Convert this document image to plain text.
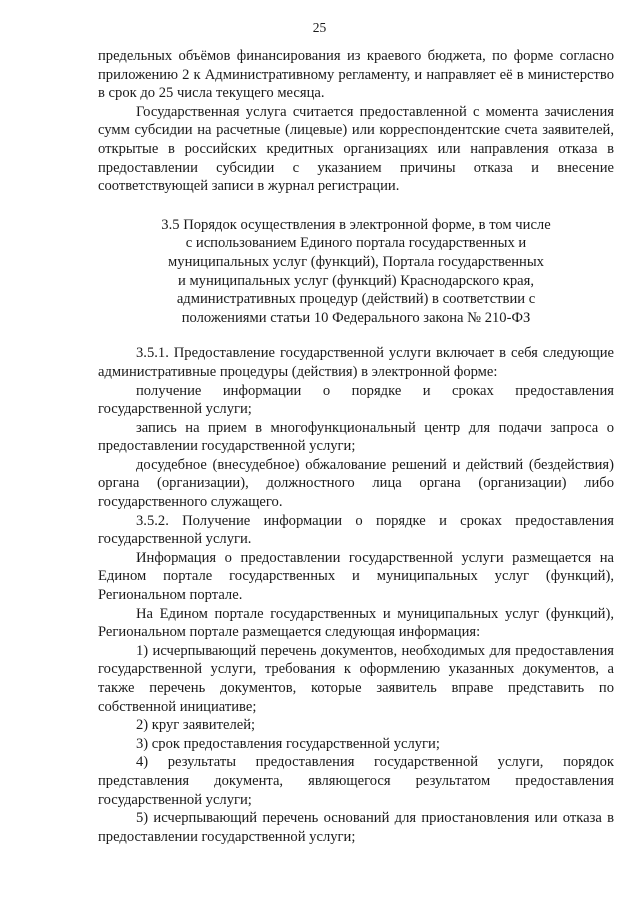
25

предельных объёмов финансирования из краевого бюджета, по форме согласно приложению 2 к Административному регламенту, и направляет её в министерство в срок до 25 числа текущего месяца.

Государственная услуга считается предоставленной с момента зачисления сумм субсидии на расчетные (лицевые) или корреспондентские счета заявителей, открытые в российских кредитных организациях или направления отказа в предоставлении субсидии с указанием причины отказа и внесение соответствующей записи в журнал регистрации.

3.5 Порядок осуществления в электронной форме, в том числе
с использованием Единого портала государственных и
муниципальных услуг (функций), Портала государственных
и муниципальных услуг (функций) Краснодарского края,
административных процедур (действий) в соответствии с
положениями статьи 10 Федерального закона № 210-ФЗ

3.5.1. Предоставление государственной услуги включает в себя следующие административные процедуры (действия) в электронной форме:

получение информации о порядке и сроках предоставления государственной услуги;

запись на прием в многофункциональный центр для подачи запроса о предоставлении государственной услуги;

досудебное (внесудебное) обжалование решений и действий (бездействия) органа (организации), должностного лица органа (организации) либо государственного служащего.

3.5.2. Получение информации о порядке и сроках предоставления государственной услуги.

Информация о предоставлении государственной услуги размещается на Едином портале государственных и муниципальных услуг (функций), Региональном портале.

На Едином портале государственных и муниципальных услуг (функций), Региональном портале размещается следующая информация:

1) исчерпывающий перечень документов, необходимых для предоставления государственной услуги, требования к оформлению указанных документов, а также перечень документов, которые заявитель вправе представить по собственной инициативе;

2) круг заявителей;

3) срок предоставления государственной услуги;

4) результаты предоставления государственной услуги, порядок представления документа, являющегося результатом предоставления государственной услуги;

5) исчерпывающий перечень оснований для приостановления или отказа в предоставлении государственной услуги;
